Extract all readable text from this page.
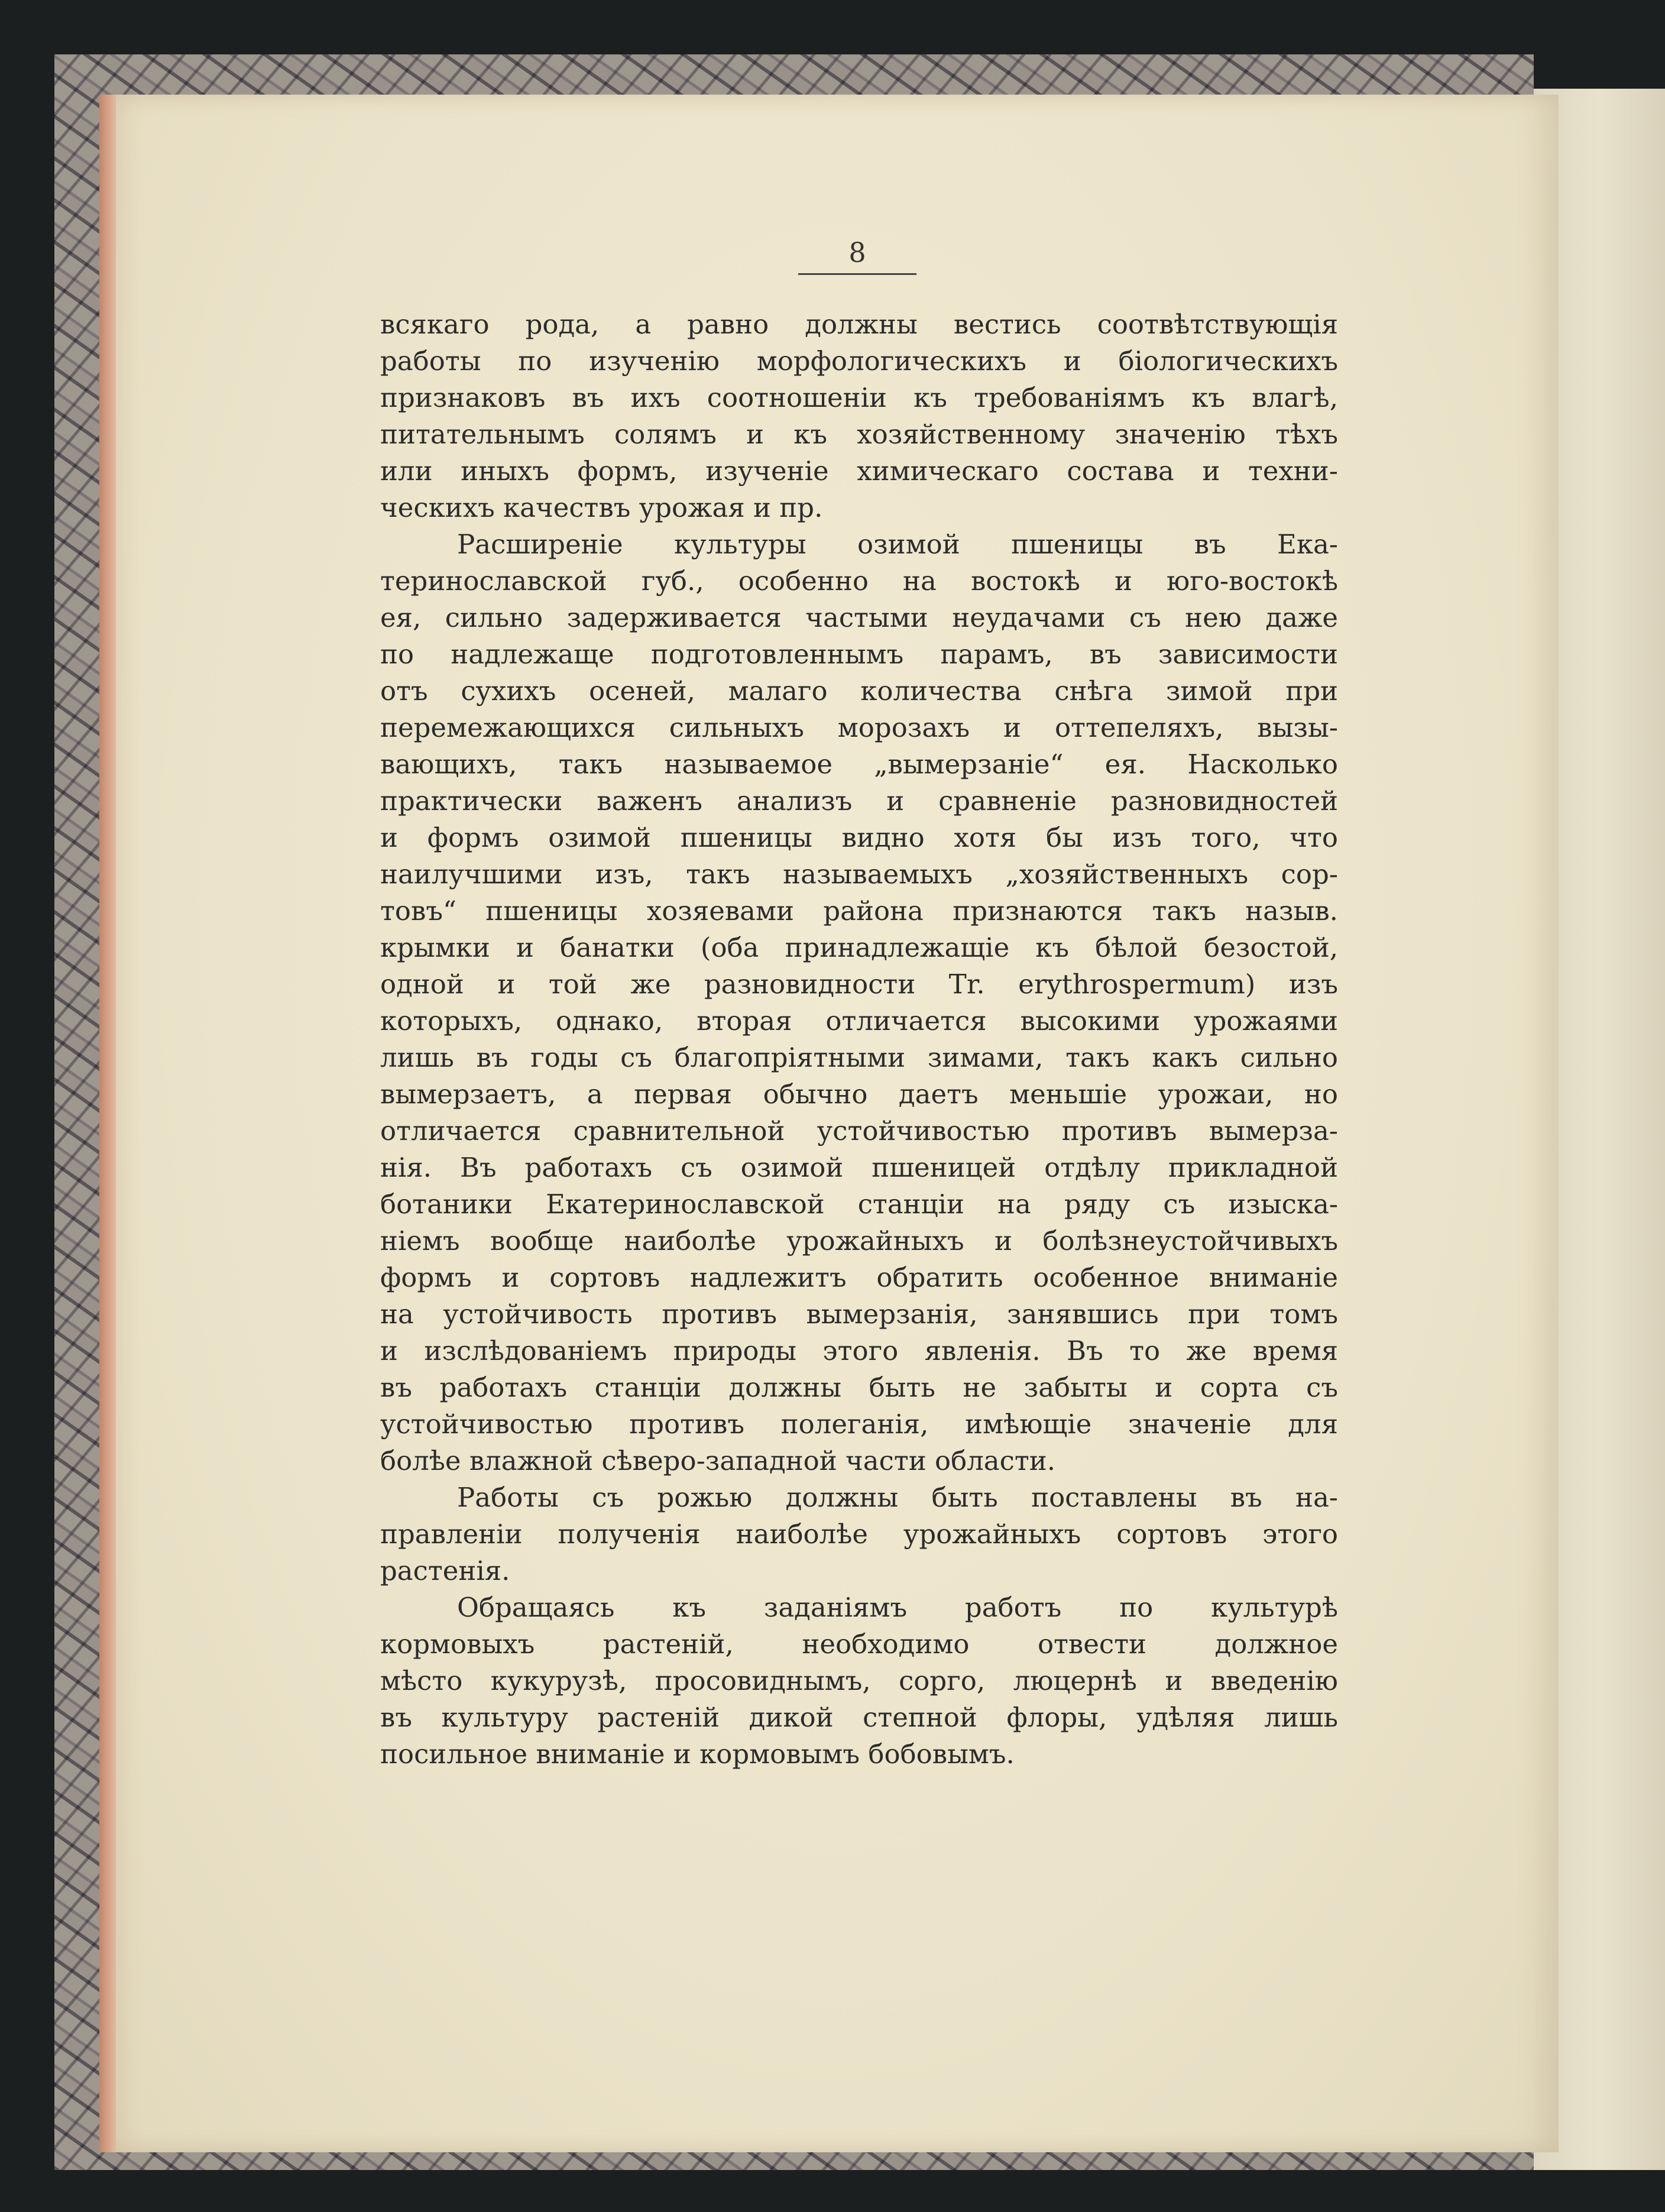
8
всякаго рода, а равно должны вестись соотвѣтствующія
работы по изученію морфологическихъ и біологическихъ
признаковъ въ ихъ соотношеніи къ требованіямъ къ влагѣ,
питательнымъ солямъ и къ хозяйственному значенію тѣхъ
или иныхъ формъ, изученіе химическаго состава и техни-
ческихъ качествъ урожая и пр.
Расширеніе культуры озимой пшеницы въ Ека-
теринославской губ., особенно на востокѣ и юго-востокѣ
ея, сильно задерживается частыми неудачами съ нею даже
по надлежаще подготовленнымъ парамъ, въ зависимости
отъ сухихъ осеней, малаго количества снѣга зимой при
перемежающихся сильныхъ морозахъ и оттепеляхъ, вызы-
вающихъ, такъ называемое „вымерзаніе“ ея. Насколько
практически важенъ анализъ и сравненіе разновидностей
и формъ озимой пшеницы видно хотя бы изъ того, что
наилучшими изъ, такъ называемыхъ „хозяйственныхъ сор-
товъ“ пшеницы хозяевами района признаются такъ назыв.
крымки и банатки (оба принадлежащіе къ бѣлой безостой,
одной и той же разновидности Tr. erythrospermum) изъ
которыхъ, однако, вторая отличается высокими урожаями
лишь въ годы съ благопріятными зимами, такъ какъ сильно
вымерзаетъ, а первая обычно даетъ меньшіе урожаи, но
отличается сравнительной устойчивостью противъ вымерза-
нія. Въ работахъ съ озимой пшеницей отдѣлу прикладной
ботаники Екатеринославской станціи на ряду съ изыска-
ніемъ вообще наиболѣе урожайныхъ и болѣзнеустойчивыхъ
формъ и сортовъ надлежитъ обратить особенное вниманіе
на устойчивость противъ вымерзанія, занявшись при томъ
и изслѣдованіемъ природы этого явленія. Въ то же время
въ работахъ станціи должны быть не забыты и сорта съ
устойчивостью противъ полеганія, имѣющіе значеніе для
болѣе влажной сѣверо-западной части области.
Работы съ рожью должны быть поставлены въ на-
правленіи полученія наиболѣе урожайныхъ сортовъ этого
растенія.
Обращаясь къ заданіямъ работъ по культурѣ
кормовыхъ растеній, необходимо отвести должное
мѣсто кукурузѣ, просовиднымъ, сорго, люцернѣ и введенію
въ культуру растеній дикой степной флоры, удѣляя лишь
посильное вниманіе и кормовымъ бобовымъ.
